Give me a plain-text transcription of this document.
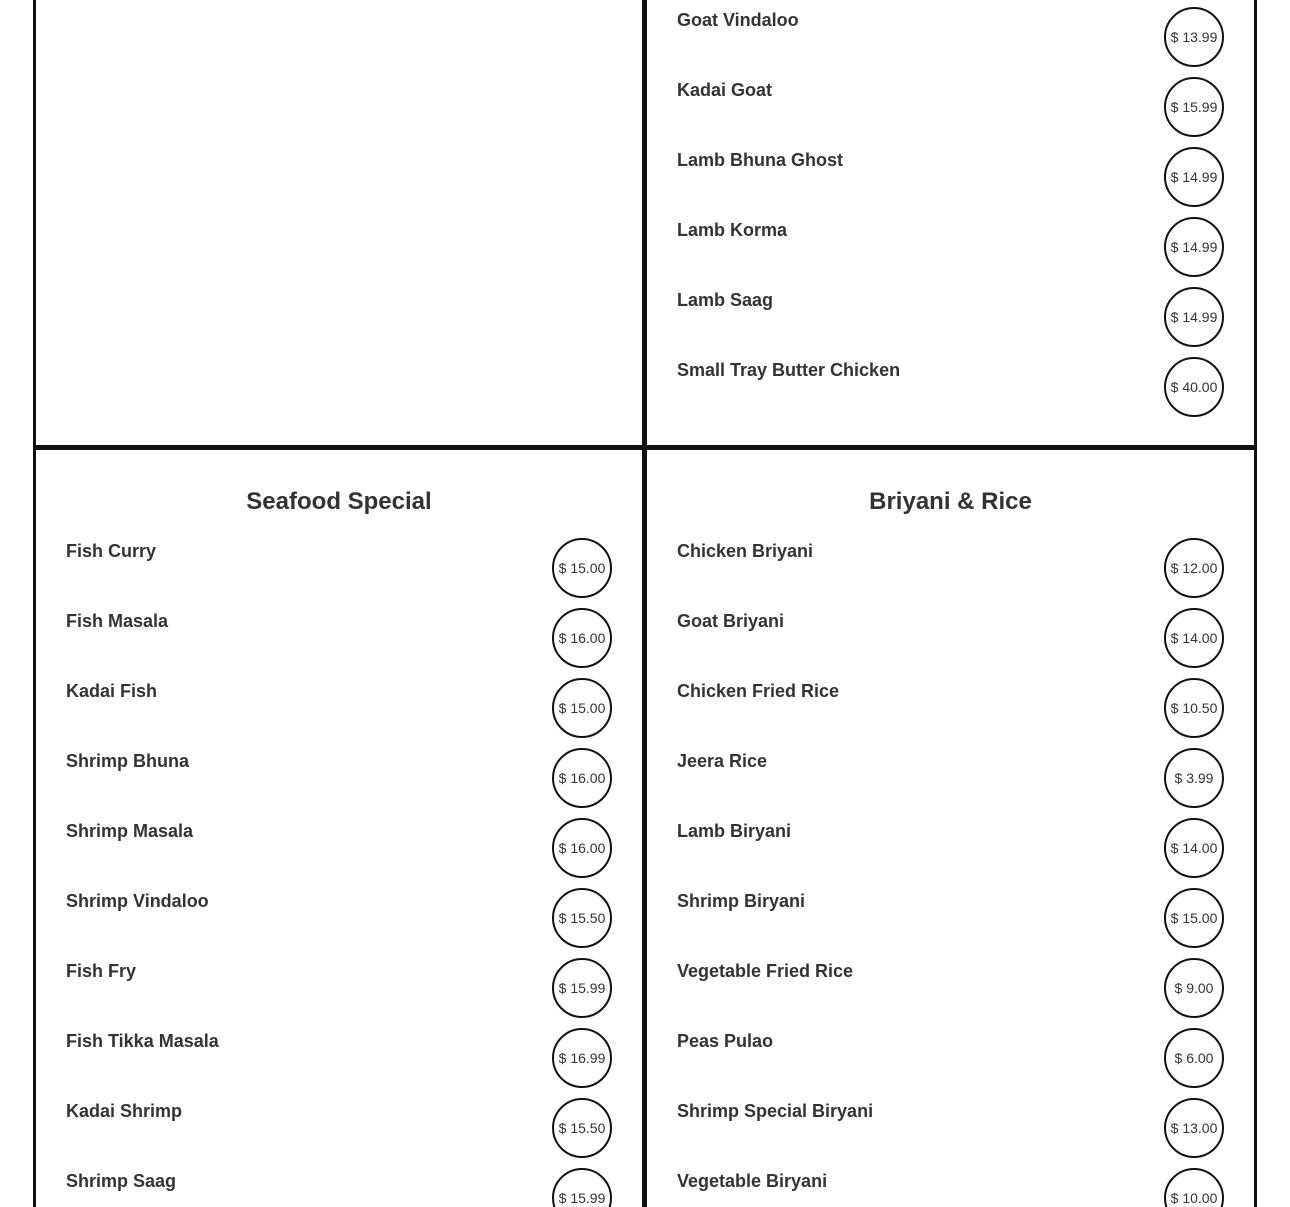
Goat Vindaloo
$ 13.99
Kadai Goat
$ 15.99
Lamb Bhuna Ghost
$ 14.99
Lamb Korma
$ 14.99
Lamb Saag
$ 14.99
Small Tray Butter Chicken
$ 40.00
Seafood Special
Fish Curry
$ 15.00
Fish Masala
$ 16.00
Kadai Fish
$ 15.00
Shrimp Bhuna
$ 16.00
Shrimp Masala
$ 16.00
Shrimp Vindaloo
$ 15.50
Fish Fry
$ 15.99
Fish Tikka Masala
$ 16.99
Kadai Shrimp
$ 15.50
Shrimp Saag
$ 15.99
Briyani & Rice
Chicken Briyani
$ 12.00
Goat Briyani
$ 14.00
Chicken Fried Rice
$ 10.50
Jeera Rice
$ 3.99
Lamb Biryani
$ 14.00
Shrimp Biryani
$ 15.00
Vegetable Fried Rice
$ 9.00
Peas Pulao
$ 6.00
Shrimp Special Biryani
$ 13.00
Vegetable Biryani
$ 10.00
